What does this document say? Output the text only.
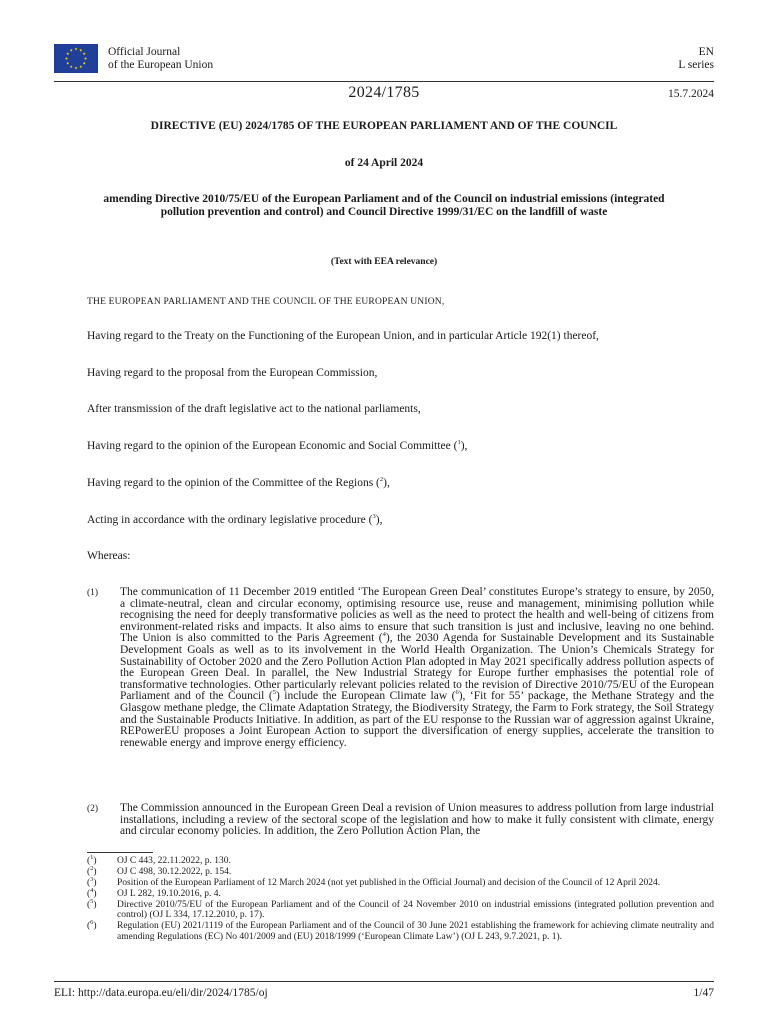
Official Journal
of the European Union
EN
L series
2024/1785	15.7.2024
DIRECTIVE (EU) 2024/1785 OF THE EUROPEAN PARLIAMENT AND OF THE COUNCIL
of 24 April 2024
amending Directive 2010/75/EU of the European Parliament and of the Council on industrial emissions (integrated pollution prevention and control) and Council Directive 1999/31/EC on the landfill of waste
(Text with EEA relevance)
THE EUROPEAN PARLIAMENT AND THE COUNCIL OF THE EUROPEAN UNION,
Having regard to the Treaty on the Functioning of the European Union, and in particular Article 192(1) thereof,
Having regard to the proposal from the European Commission,
After transmission of the draft legislative act to the national parliaments,
Having regard to the opinion of the European Economic and Social Committee ($^1$),
Having regard to the opinion of the Committee of the Regions ($^2$),
Acting in accordance with the ordinary legislative procedure ($^3$),
Whereas:
(1)	The communication of 11 December 2019 entitled ‘The European Green Deal’ constitutes Europe’s strategy to ensure, by 2050, a climate-neutral, clean and circular economy, optimising resource use, reuse and management, minimising pollution while recognising the need for deeply transformative policies as well as the need to protect the health and well-being of citizens from environment-related risks and impacts. It also aims to ensure that such transition is just and inclusive, leaving no one behind. The Union is also committed to the Paris Agreement ($^4$), the 2030 Agenda for Sustainable Development and its Sustainable Development Goals as well as to its involvement in the World Health Organization. The Union’s Chemicals Strategy for Sustainability of October 2020 and the Zero Pollution Action Plan adopted in May 2021 specifically address pollution aspects of the European Green Deal. In parallel, the New Industrial Strategy for Europe further emphasises the potential role of transformative technologies. Other particularly relevant policies related to the revision of Directive 2010/75/EU of the European Parliament and of the Council ($^5$) include the European Climate law ($^6$), ‘Fit for 55’ package, the Methane Strategy and the Glasgow methane pledge, the Climate Adaptation Strategy, the Biodiversity Strategy, the Farm to Fork strategy, the Soil Strategy and the Sustainable Products Initiative. In addition, as part of the EU response to the Russian war of aggression against Ukraine, REPowerEU proposes a Joint European Action to support the diversification of energy supplies, accelerate the transition to renewable energy and improve energy efficiency.
(2)	The Commission announced in the European Green Deal a revision of Union measures to address pollution from large industrial installations, including a review of the sectoral scope of the legislation and how to make it fully consistent with climate, energy and circular economy policies. In addition, the Zero Pollution Action Plan, the
($^1$) OJ C 443, 22.11.2022, p. 130.
($^2$) OJ C 498, 30.12.2022, p. 154.
($^3$) Position of the European Parliament of 12 March 2024 (not yet published in the Official Journal) and decision of the Council of 12 April 2024.
($^4$) OJ L 282, 19.10.2016, p. 4.
($^5$) Directive 2010/75/EU of the European Parliament and of the Council of 24 November 2010 on industrial emissions (integrated pollution prevention and control) (OJ L 334, 17.12.2010, p. 17).
($^6$) Regulation (EU) 2021/1119 of the European Parliament and of the Council of 30 June 2021 establishing the framework for achieving climate neutrality and amending Regulations (EC) No 401/2009 and (EU) 2018/1999 (‘European Climate Law’) (OJ L 243, 9.7.2021, p. 1).
ELI: http://data.europa.eu/eli/dir/2024/1785/oj	1/47
